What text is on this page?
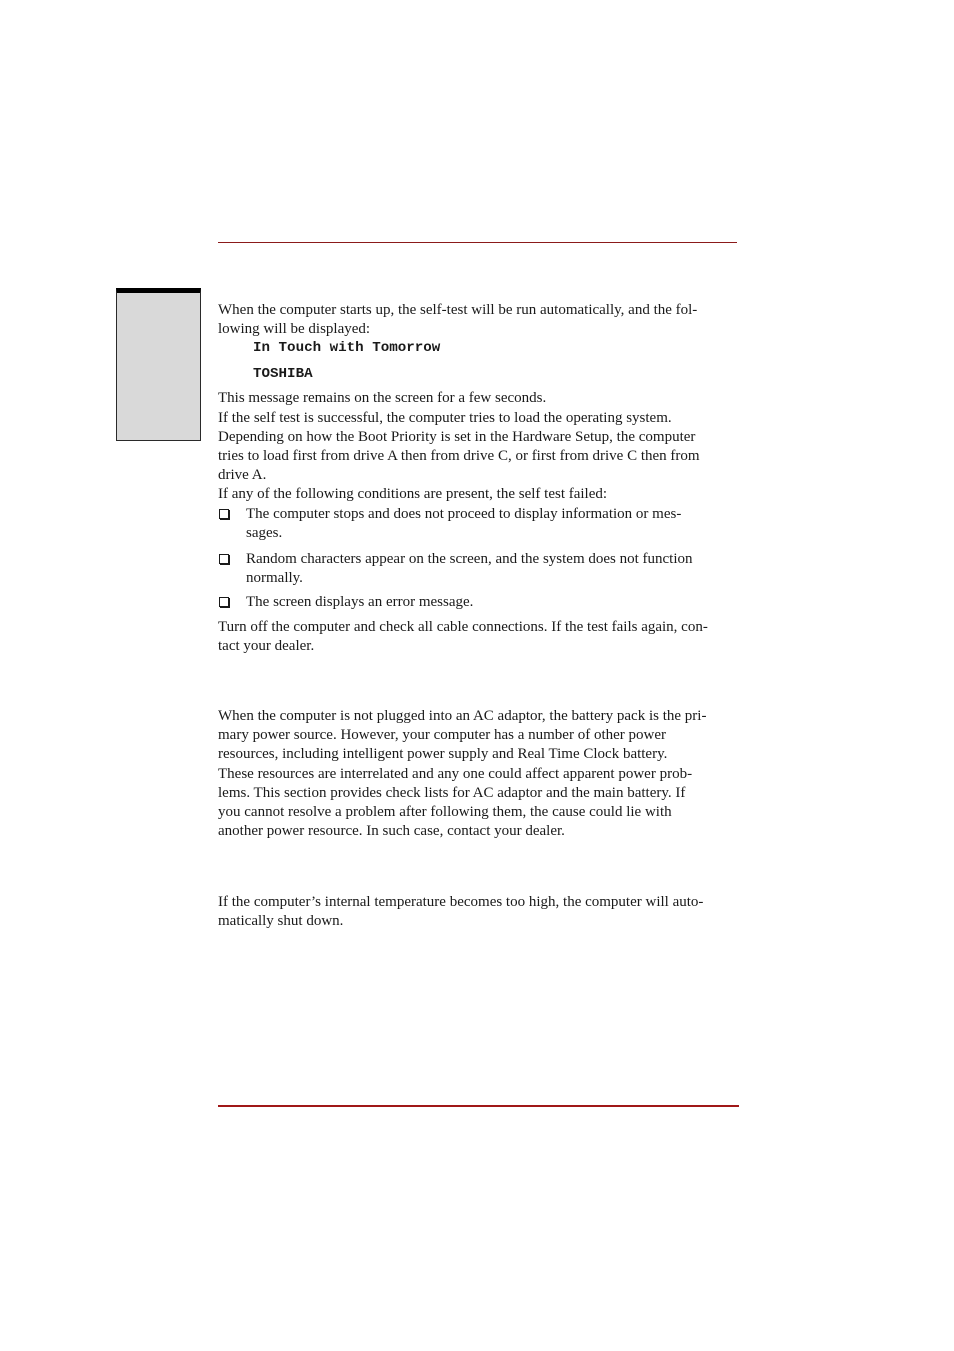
When the computer starts up, the self-test will be run automatically, and the fol-

lowing will be displayed:

In Touch with Tomorrow

TOSHIBA

This message remains on the screen for a few seconds.

If the self test is successful, the computer tries to load the operating system.

Depending on how the Boot Priority is set in the Hardware Setup, the computer

tries to load first from drive A then from drive C, or first from drive C then from

drive A.

If any of the following conditions are present, the self test failed:

The computer stops and does not proceed to display information or mes-

sages.

Random characters appear on the screen, and the system does not function

normally.

The screen displays an error message.

Turn off the computer and check all cable connections. If the test fails again, con-

tact your dealer.

When the computer is not plugged into an AC adaptor, the battery pack is the pri-

mary power source. However, your computer has a number of other power

resources, including intelligent power supply and Real Time Clock battery.

These resources are interrelated and any one could affect apparent power prob-

lems. This section provides check lists for AC adaptor and the main battery. If

you cannot resolve a problem after following them, the cause could lie with

another power resource. In such case, contact your dealer.

If the computer’s internal temperature becomes too high, the computer will auto-

matically shut down.
